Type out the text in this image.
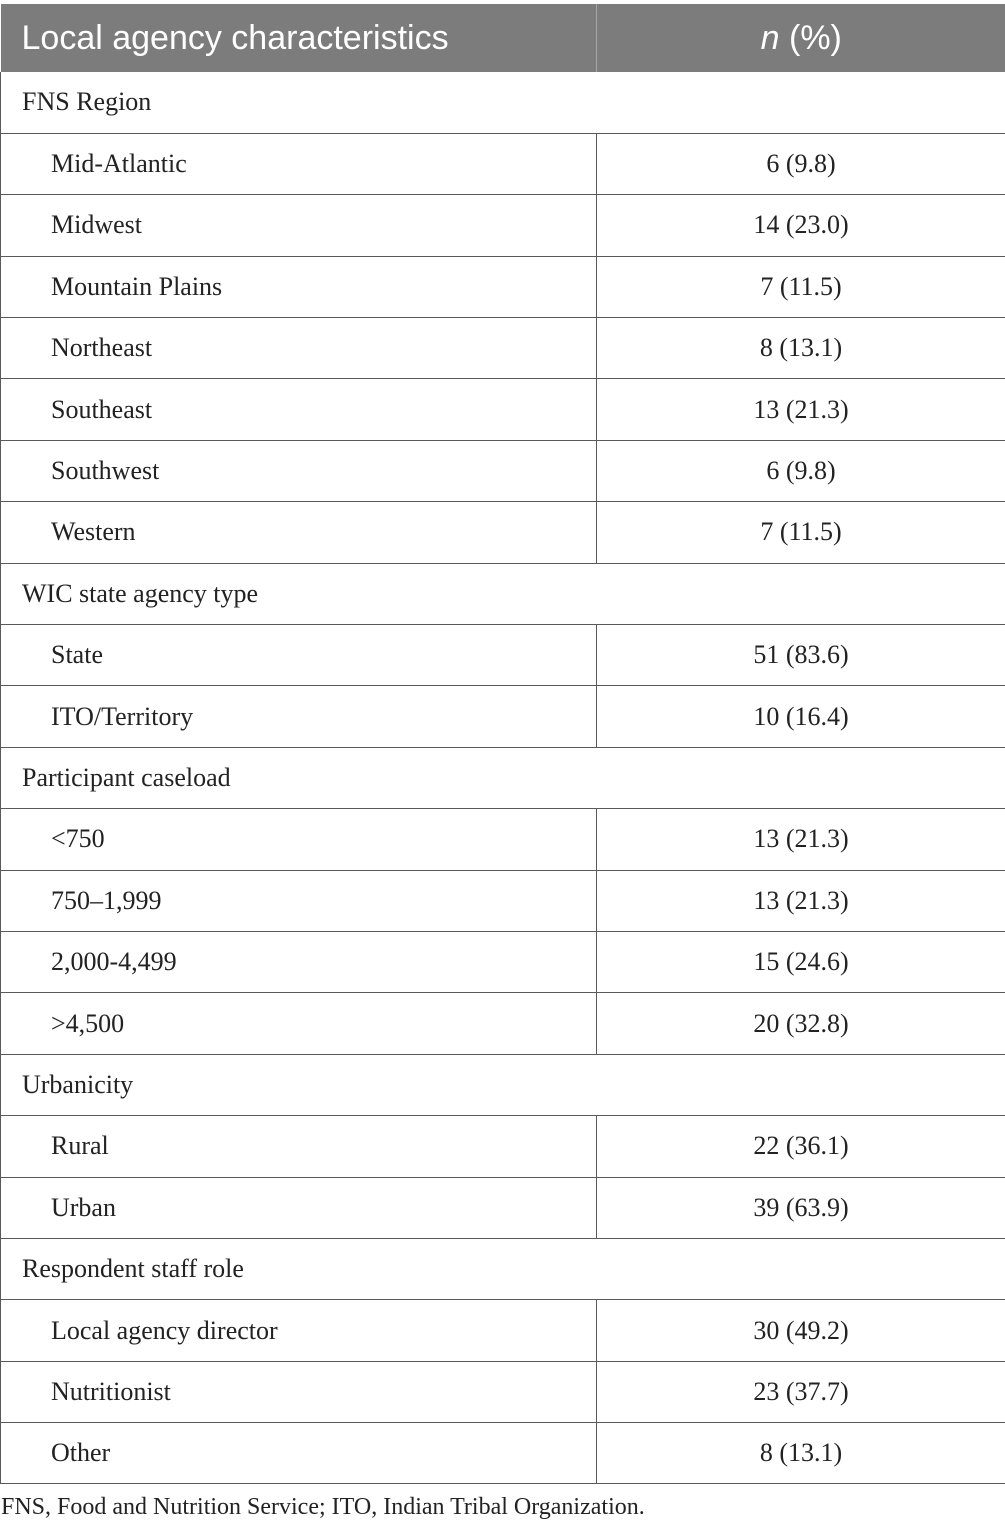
Local agency characteristics	n (%)
FNS Region	
Mid-Atlantic	6 (9.8)
Midwest	14 (23.0)
Mountain Plains	7 (11.5)
Northeast	8 (13.1)
Southeast	13 (21.3)
Southwest	6 (9.8)
Western	7 (11.5)
WIC state agency type	
State	51 (83.6)
ITO/Territory	10 (16.4)
Participant caseload	
<750	13 (21.3)
750–1,999	13 (21.3)
2,000-4,499	15 (24.6)
>4,500	20 (32.8)
Urbanicity	
Rural	22 (36.1)
Urban	39 (63.9)
Respondent staff role	
Local agency director	30 (49.2)
Nutritionist	23 (37.7)
Other	8 (13.1)

FNS, Food and Nutrition Service; ITO, Indian Tribal Organization.
